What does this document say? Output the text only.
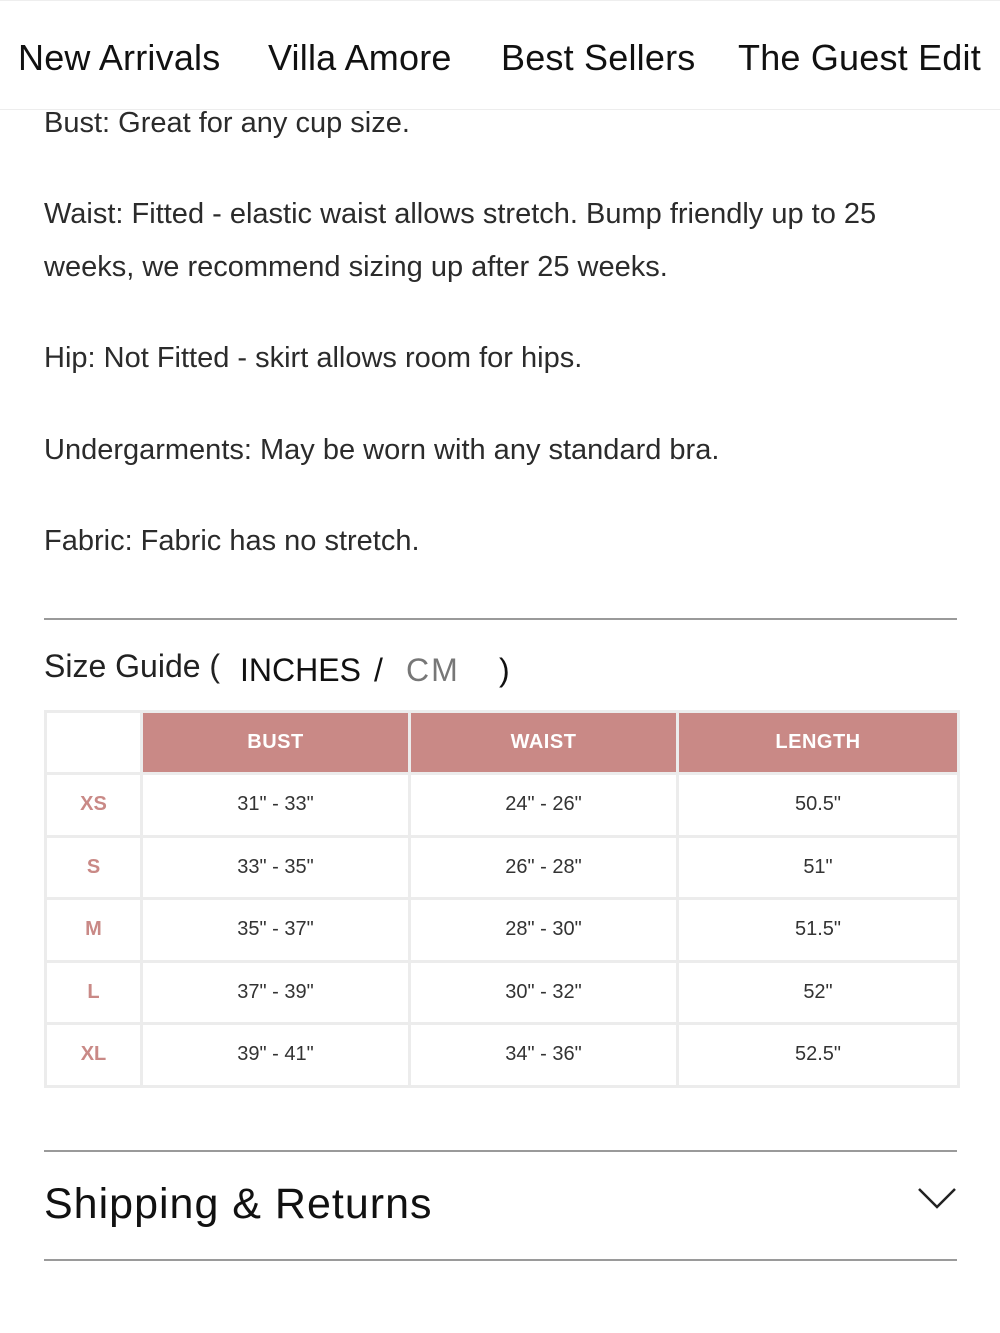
New Arrivals Villa Amore Best Sellers The Guest Edit
Bust: Great for any cup size.
Waist: Fitted - elastic waist allows stretch. Bump friendly up to 25
weeks, we recommend sizing up after 25 weeks.
Hip: Not Fitted - skirt allows room for hips.
Undergarments: May be worn with any standard bra.
Fabric: Fabric has no stretch.
Size Guide ( INCHES / CM )
	BUST	WAIST	LENGTH
XS	31" - 33"	24" - 26"	50.5"
S	33" - 35"	26" - 28"	51"
M	35" - 37"	28" - 30"	51.5"
L	37" - 39"	30" - 32"	52"
XL	39" - 41"	34" - 36"	52.5"
Shipping & Returns
